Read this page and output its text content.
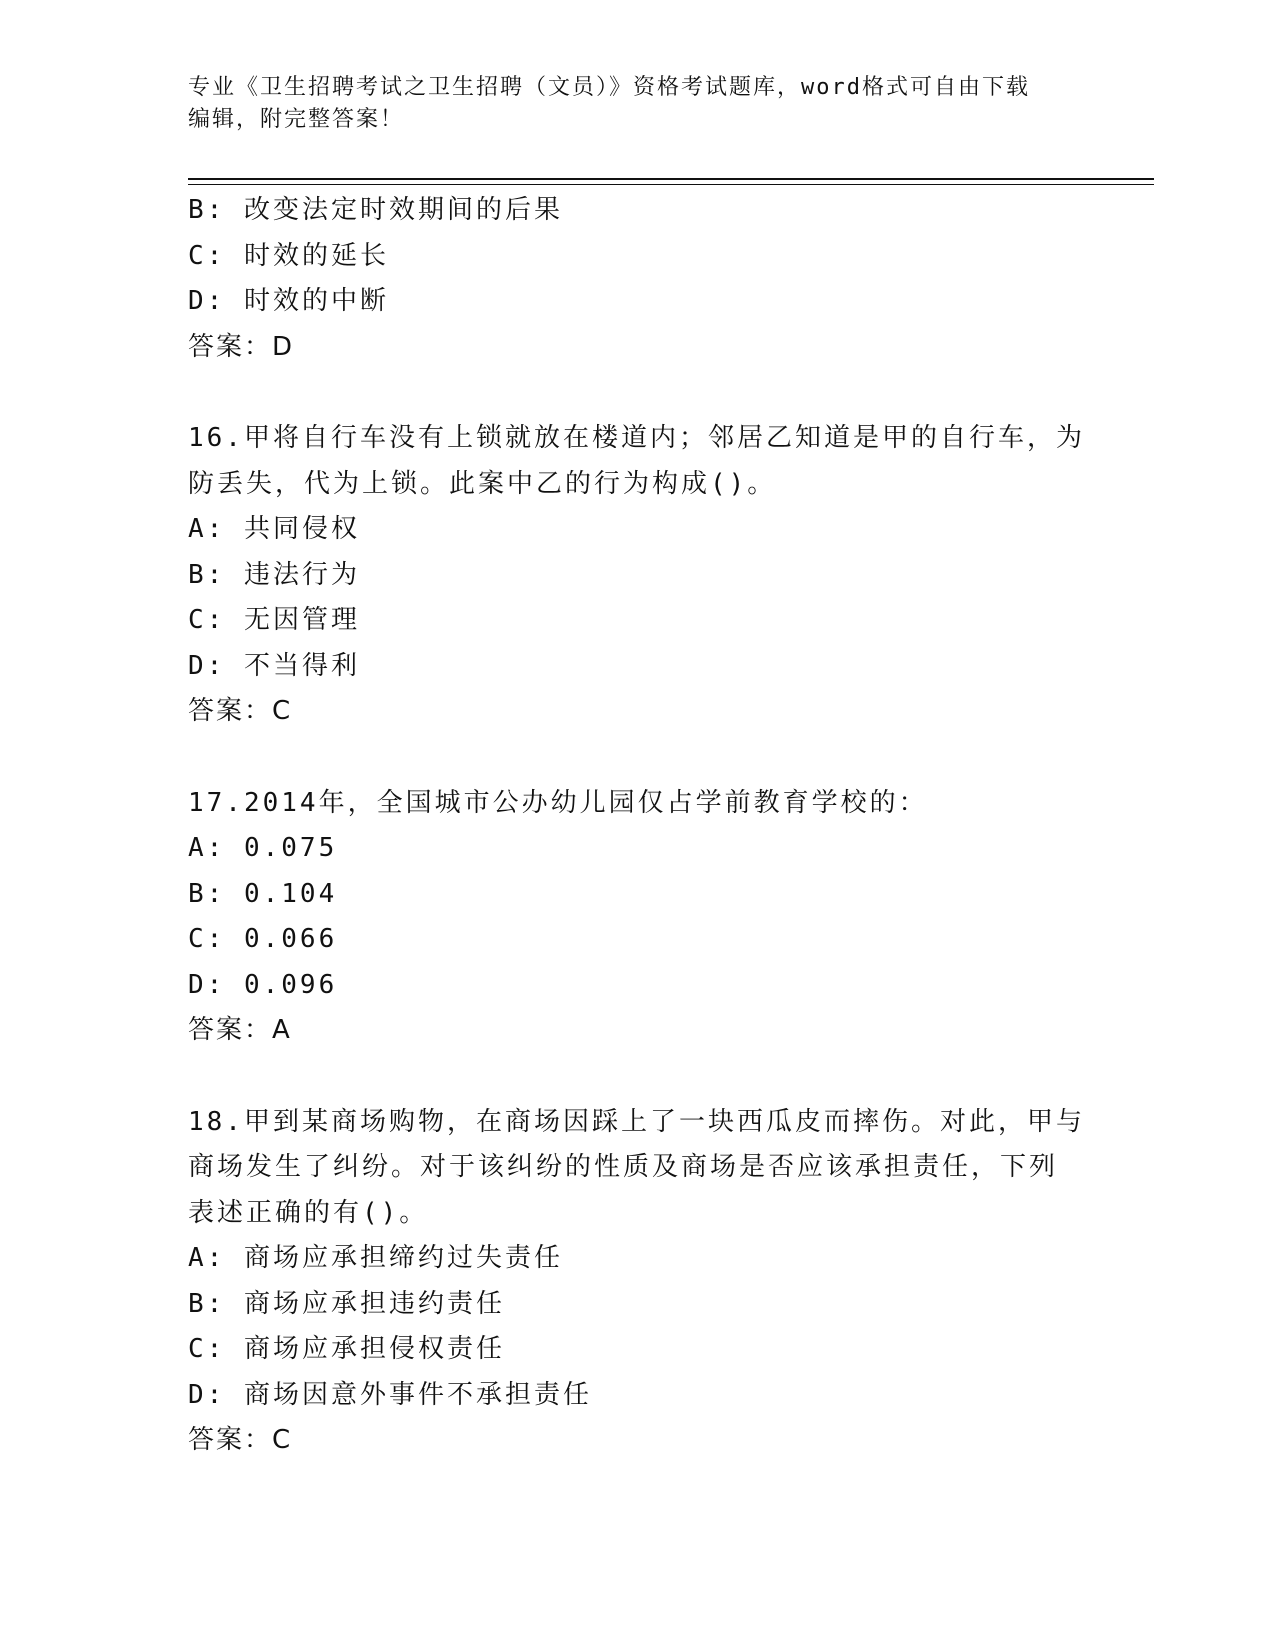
专业《卫生招聘考试之卫生招聘（文员）》资格考试题库，word格式可自由下载
编辑，附完整答案！
B: 改变法定时效期间的后果
C: 时效的延长
D: 时效的中断
答案：D
16.甲将自行车没有上锁就放在楼道内；邻居乙知道是甲的自行车，为
防丢失，代为上锁。此案中乙的行为构成()。
A: 共同侵权
B: 违法行为
C: 无因管理
D: 不当得利
答案：C
17.2014年，全国城市公办幼儿园仅占学前教育学校的：
A: 0.075
B: 0.104
C: 0.066
D: 0.096
答案：A
18.甲到某商场购物，在商场因踩上了一块西瓜皮而摔伤。对此，甲与
商场发生了纠纷。对于该纠纷的性质及商场是否应该承担责任，下列
表述正确的有()。
A: 商场应承担缔约过失责任
B: 商场应承担违约责任
C: 商场应承担侵权责任
D: 商场因意外事件不承担责任
答案：C
